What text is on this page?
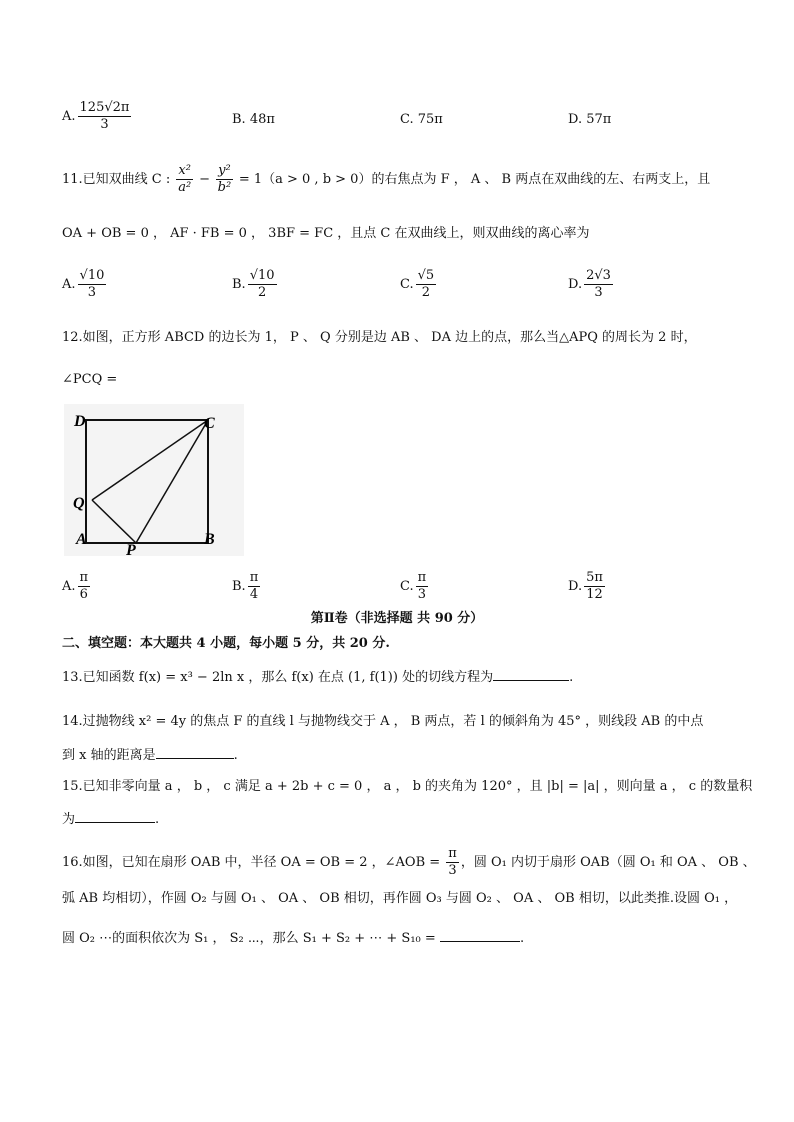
A. $\frac{125√2\pi}{3}$	B. 48π	C. 75π	D. 57π
11.已知双曲线 C : $\frac{\text{x²}}{\text{a²}} - \frac{\text{y²}}{\text{b²}} = 1(a > 0$ , b > 0）的右焦点为 F ， A 、 B 两点在双曲线的左、右两支上，且
OA + OB = 0 ， AF · FB = 0 ， 3BF = FC ，且点 C 在双曲线上，则双曲线的离心率为
A. $\frac{√10}{3}$	B. $\frac{√10}{2}$	C. $\frac{√5}{2}$	D. $\frac{2√3}{3}$
12.如图，正方形 ABCD 的边长为 1， P 、 Q 分别是边 AB 、 DA 边上的点，那么当△APQ 的周长为 2 时，
∠PCQ =
D	C
Q
A
P
B
A. $\frac{\pi}{6}$	B. $\frac{\pi}{4}$	C. $\frac{\pi}{3}$	D. $\frac{5\pi}{12}$
第Ⅱ卷（非选择题 共 90 分）
二、填空题：本大题共 4 小题，每小题 5 分，共 20 分.
13.已知函数 f(x) = x³ − 2ln x ，那么 f(x) 在点 (1, f(1)) 处的切线方程为	.
14.过抛物线 x² = 4y 的焦点 F 的直线 l 与抛物线交于 A ， B 两点，若 l 的倾斜角为 45° ，则线段 AB 的中点
到 x 轴的距离是	.
15.已知非零向量 a ， b ， c 满足 a + 2b + c = 0 ， a ， b 的夹角为 120° ，且 |b| = |a| ，则向量 a ， c 的数量积
为	.
16.如图，已知在扇形 OAB 中，半径 OA = OB = 2 ，∠AOB = $\frac{\pi}{3}$ ，圆 O₁ 内切于扇形 OAB（圆 O₁ 和 OA 、 OB 、
弧 AB 均相切），作圆 O₂ 与圆 O₁ 、 OA 、 OB 相切，再作圆 O₃ 与圆 O₂ 、 OA 、 OB 相切，以此类推.设圆 O₁ ，
圆 O₂ ⋯的面积依次为 S₁ ， S₂ ⋯，那么 S₁ + S₂ + ⋯ + S₁₀ =	.
